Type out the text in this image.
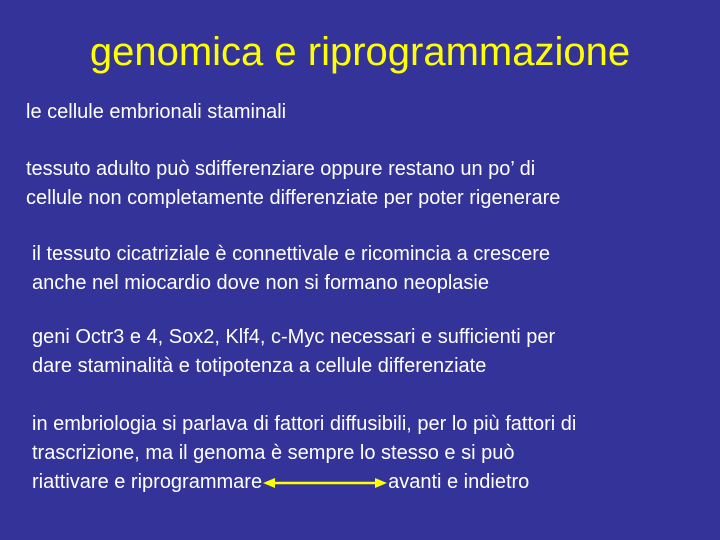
genomica e riprogrammazione

le cellule embrionali staminali

tessuto adulto può sdifferenziare oppure restano un po’ di
cellule non completamente differenziate per poter rigenerare

il tessuto cicatriziale è connettivale e ricomincia a crescere
anche nel miocardio dove non si formano neoplasie

geni Octr3 e 4, Sox2, Klf4, c-Myc necessari e sufficienti per
dare staminalità e totipotenza a cellule differenziate

in embriologia si parlava di fattori diffusibili, per lo più fattori di
trascrizione, ma il genoma è sempre lo stesso e si può
riattivare e riprogrammare	avanti e indietro
